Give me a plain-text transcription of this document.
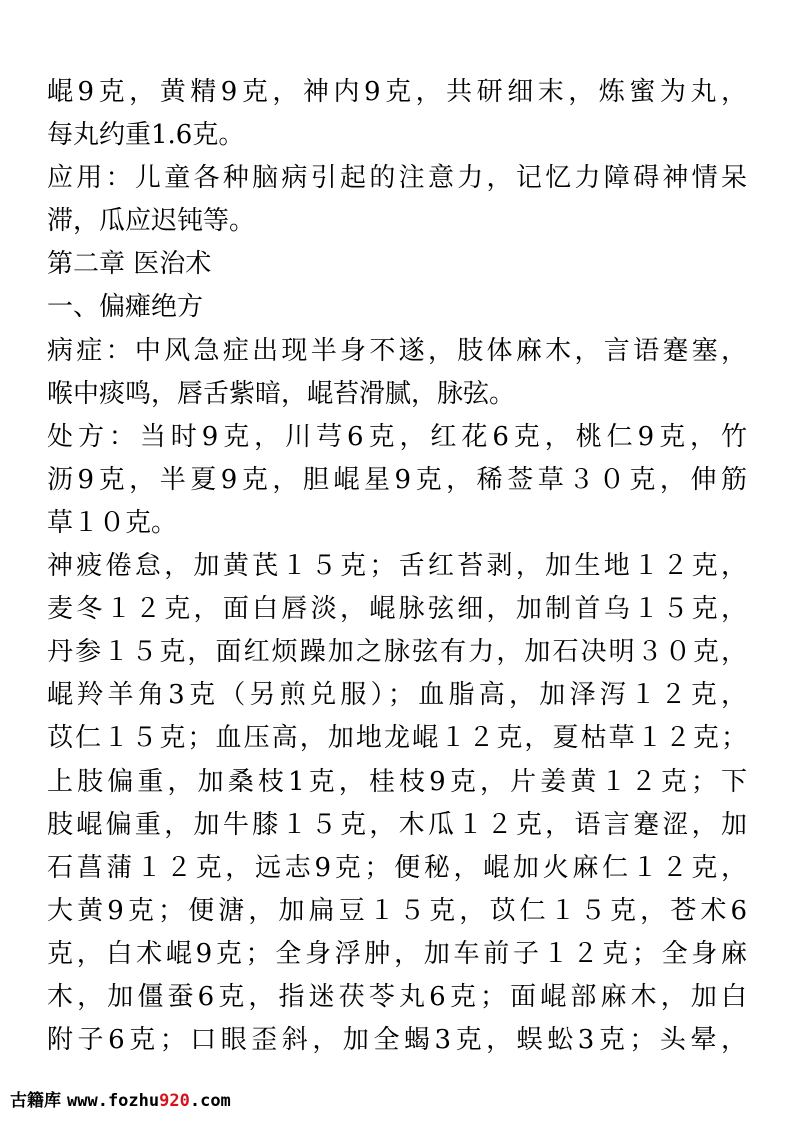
崐9克，黄精9克，神内9克，共研细末，炼蜜为丸，
每丸约重1.6克。
应用：儿童各种脑病引起的注意力，记忆力障碍神情呆
滞，瓜应迟钝等。
第二章 医治术
一、偏瘫绝方
病症：中风急症出现半身不遂，肢体麻木，言语蹇塞，
喉中痰鸣，唇舌紫暗，崐苔滑腻，脉弦。
处方：当时9克，川芎6克，红花6克，桃仁9克，竹
沥9克，半夏9克，胆崐星9克，稀莶草３０克，伸筋
草１０克。
神疲倦怠，加黄芪１５克；舌红苔剥，加生地１２克，
麦冬１２克，面白唇淡，崐脉弦细，加制首乌１５克，
丹参１５克，面红烦躁加之脉弦有力，加石决明３０克，
崐羚羊角3克（另煎兑服）；血脂高，加泽泻１２克，
苡仁１５克；血压高，加地龙崐１２克，夏枯草１２克；
上肢偏重，加桑枝1克，桂枝9克，片姜黄１２克；下
肢崐偏重，加牛膝１５克，木瓜１２克，语言蹇涩，加
石菖蒲１２克，远志9克；便秘，崐加火麻仁１２克，
大黄9克；便溏，加扁豆１５克，苡仁１５克，苍术6
克，白术崐9克；全身浮肿，加车前子１２克；全身麻
木，加僵蚕6克，指迷茯苓丸6克；面崐部麻木，加白
附子6克；口眼歪斜，加全蝎3克，蜈蚣3克；头晕，
古籍库 www.fozhu920.com
